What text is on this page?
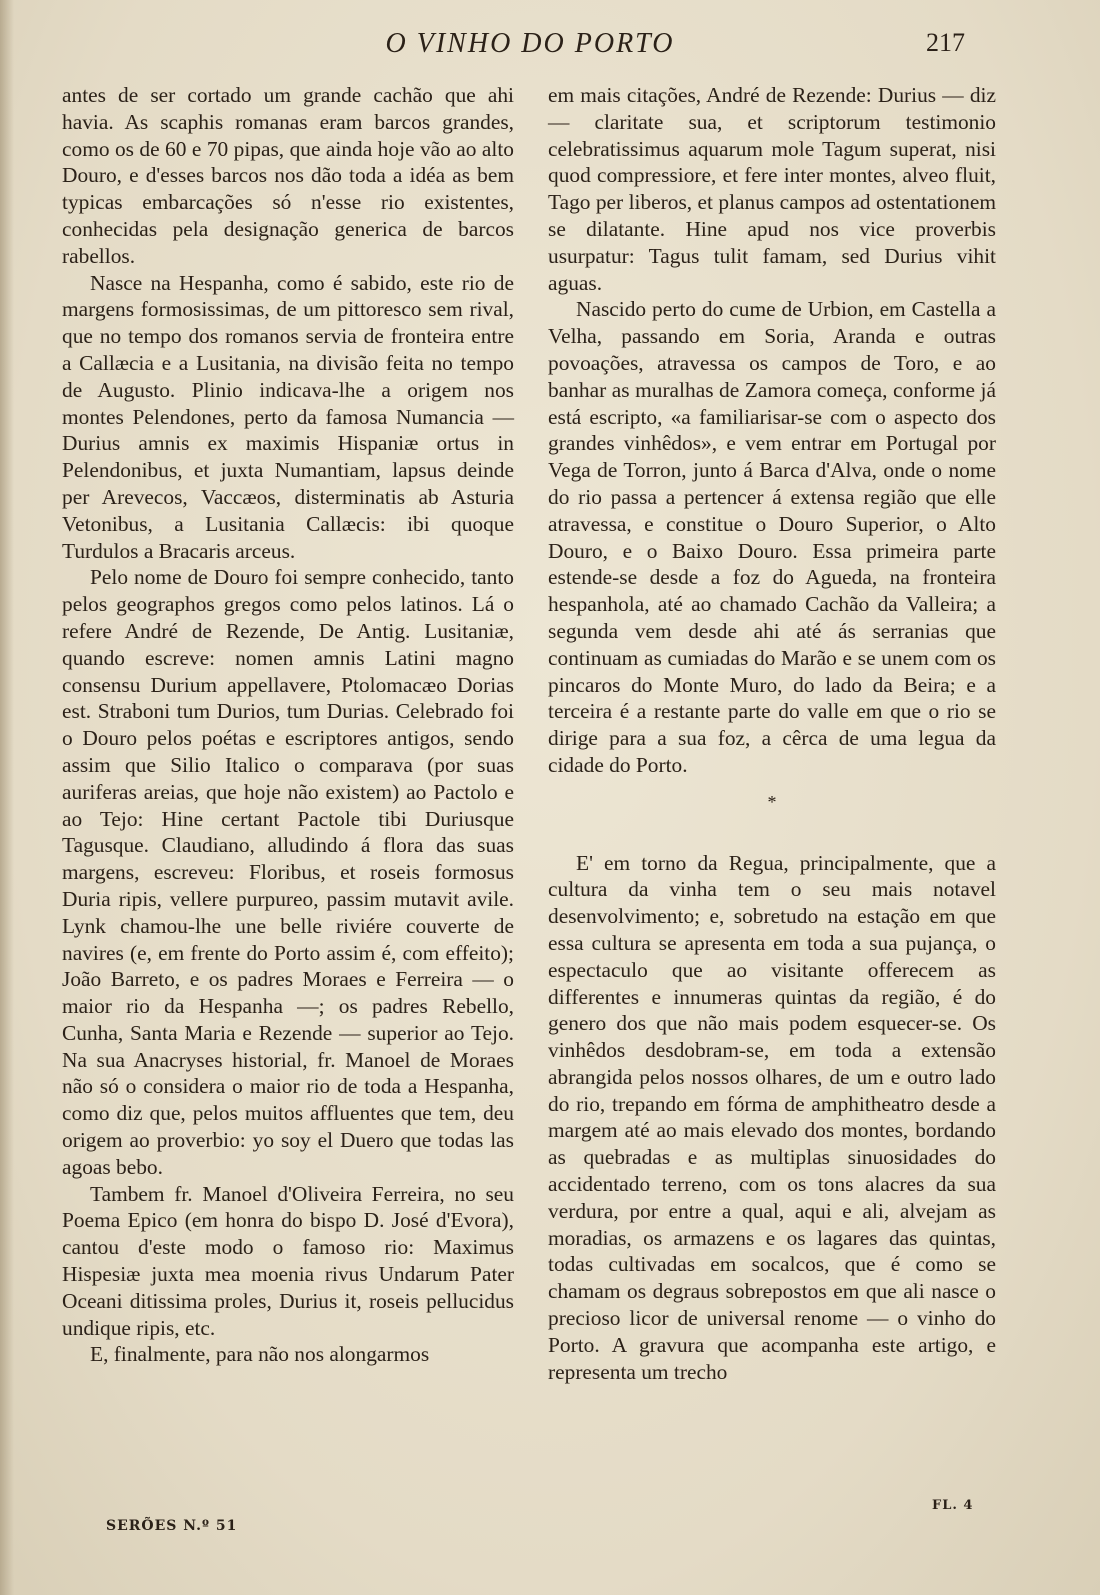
O VINHO DO PORTO	217

antes de ser cortado um grande cachão que ahi havia. As scaphis romanas eram barcos grandes, como os de 60 e 70 pipas, que ainda hoje vão ao alto Douro, e d'esses barcos nos dão toda a idéa as bem typicas embarcações só n'esse rio existentes, conhecidas pela designação generica de barcos rabellos.

Nasce na Hespanha, como é sabido, este rio de margens formosissimas, de um pittoresco sem rival, que no tempo dos romanos servia de fronteira entre a Callæcia e a Lusitania, na divisão feita no tempo de Augusto. Plinio indicava-lhe a origem nos montes Pelendones, perto da famosa Numancia — Durius amnis ex maximis Hispaniæ ortus in Pelendonibus, et juxta Numantiam, lapsus deinde per Arevecos, Vaccæos, disterminatis ab Asturia Vetonibus, a Lusitania Callæcis: ibi quoque Turdulos a Bracaris arceus.

Pelo nome de Douro foi sempre conhecido, tanto pelos geographos gregos como pelos latinos. Lá o refere André de Rezende, De Antig. Lusitaniæ, quando escreve: nomen amnis Latini magno consensu Durium appellavere, Ptolomacæo Dorias est. Straboni tum Durios, tum Durias. Celebrado foi o Douro pelos poétas e escriptores antigos, sendo assim que Silio Italico o comparava (por suas auriferas areias, que hoje não existem) ao Pactolo e ao Tejo: Hine certant Pactole tibi Duriusque Tagusque. Claudiano, alludindo á flora das suas margens, escreveu: Floribus, et roseis formosus Duria ripis, vellere purpureo, passim mutavit avile. Lynk chamou-lhe une belle riviére couverte de navires (e, em frente do Porto assim é, com effeito); João Barreto, e os padres Moraes e Ferreira — o maior rio da Hespanha —; os padres Rebello, Cunha, Santa Maria e Rezende — superior ao Tejo. Na sua Anacryses historial, fr. Manoel de Moraes não só o considera o maior rio de toda a Hespanha, como diz que, pelos muitos affluentes que tem, deu origem ao proverbio: yo soy el Duero que todas las agoas bebo.

Tambem fr. Manoel d'Oliveira Ferreira, no seu Poema Epico (em honra do bispo D. José d'Evora), cantou d'este modo o famoso rio: Maximus Hispesiæ juxta mea moenia rivus Undarum Pater Oceani ditissima proles, Durius it, roseis pellucidus undique ripis, etc.

E, finalmente, para não nos alongarmos

em mais citações, André de Rezende: Durius — diz — claritate sua, et scriptorum testimonio celebratissimus aquarum mole Tagum superat, nisi quod compressiore, et fere inter montes, alveo fluit, Tago per liberos, et planus campos ad ostentationem se dilatante. Hine apud nos vice proverbis usurpatur: Tagus tulit famam, sed Durius vihit aguas.

Nascido perto do cume de Urbion, em Castella a Velha, passando em Soria, Aranda e outras povoações, atravessa os campos de Toro, e ao banhar as muralhas de Zamora começa, conforme já está escripto, «a familiarisar-se com o aspecto dos grandes vinhêdos», e vem entrar em Portugal por Vega de Torron, junto á Barca d'Alva, onde o nome do rio passa a pertencer á extensa região que elle atravessa, e constitue o Douro Superior, o Alto Douro, e o Baixo Douro. Essa primeira parte estende-se desde a foz do Agueda, na fronteira hespanhola, até ao chamado Cachão da Valleira; a segunda vem desde ahi até ás serranias que continuam as cumiadas do Marão e se unem com os pincaros do Monte Muro, do lado da Beira; e a terceira é a restante parte do valle em que o rio se dirige para a sua foz, a cêrca de uma legua da cidade do Porto.

*

E' em torno da Regua, principalmente, que a cultura da vinha tem o seu mais notavel desenvolvimento; e, sobretudo na estação em que essa cultura se apresenta em toda a sua pujança, o espectaculo que ao visitante offerecem as differentes e innumeras quintas da região, é do genero dos que não mais podem esquecer-se. Os vinhêdos desdobram-se, em toda a extensão abrangida pelos nossos olhares, de um e outro lado do rio, trepando em fórma de amphitheatro desde a margem até ao mais elevado dos montes, bordando as quebradas e as multiplas sinuosidades do accidentado terreno, com os tons alacres da sua verdura, por entre a qual, aqui e ali, alvejam as moradias, os armazens e os lagares das quintas, todas cultivadas em socalcos, que é como se chamam os degraus sobrepostos em que ali nasce o precioso licor de universal renome — o vinho do Porto. A gravura que acompanha este artigo, e representa um trecho

SERÕES N.º 51
FL. 4
